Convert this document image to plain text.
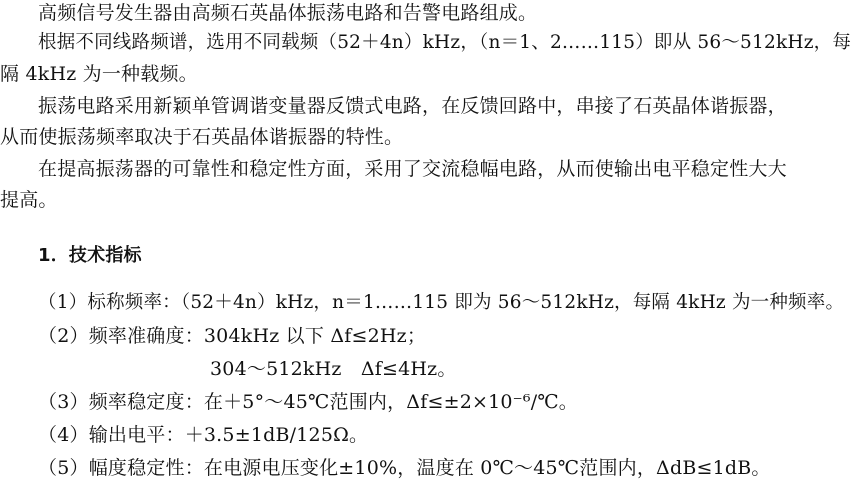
高频信号发生器由高频石英晶体振荡电路和告警电路组成。
根据不同线路频谱，选用不同载频（52＋4n）kHz，（n＝1、2……115）即从 56～512kHz，每
隔 4kHz 为一种载频。
振荡电路采用新颖单管调谐变量器反馈式电路，在反馈回路中，串接了石英晶体谐振器，
从而使振荡频率取决于石英晶体谐振器的特性。
在提高振荡器的可靠性和稳定性方面，采用了交流稳幅电路，从而使输出电平稳定性大大
提高。
1．技术指标
（1）标称频率：（52＋4n）kHz，n＝1……115 即为 56～512kHz，每隔 4kHz 为一种频率。
（2）频率准确度：304kHz 以下 Δf≤2Hz；
304～512kHz　Δf≤4Hz。
（3）频率稳定度：在＋5°～45℃范围内，Δf≤±2×10⁻⁶/℃。
（4）输出电平：＋3.5±1dB/125Ω。
（5）幅度稳定性：在电源电压变化±10%，温度在 0℃～45℃范围内，ΔdB≤1dB。
